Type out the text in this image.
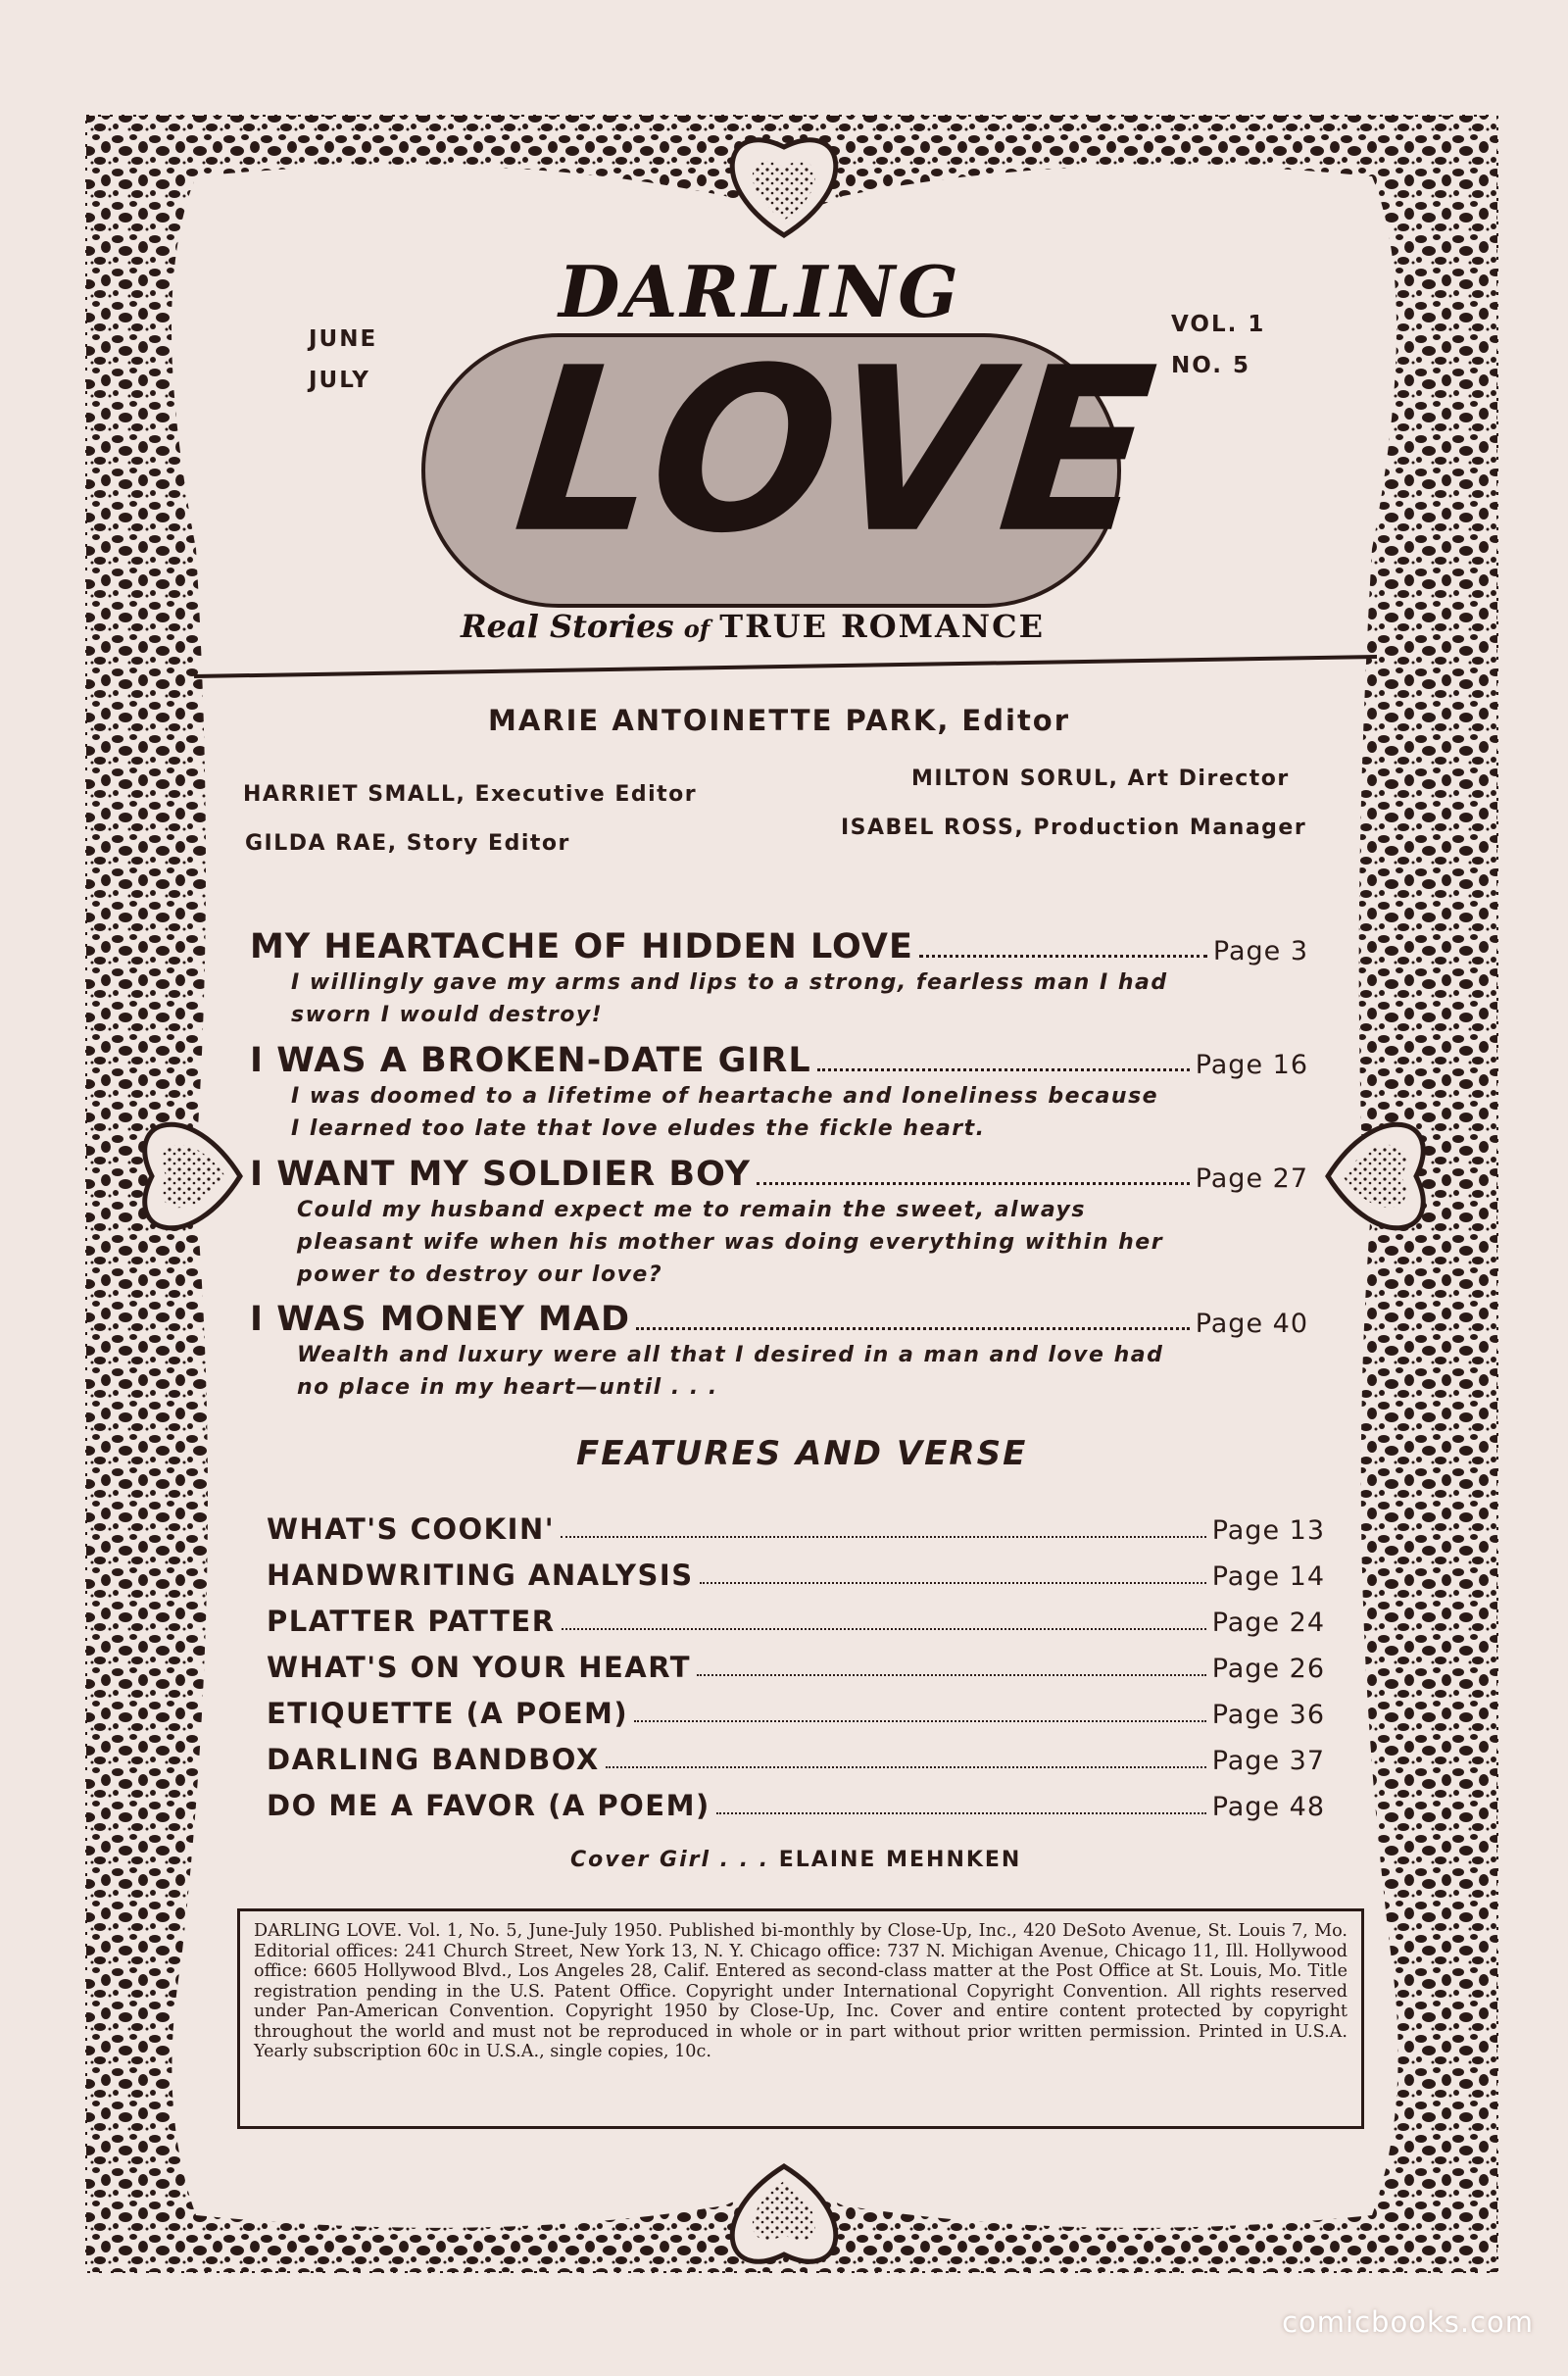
JUNE
JULY
VOL. 1
NO. 5
DARLING
LOVE
Real Stories of TRUE ROMANCE
MARIE ANTOINETTE PARK, Editor
HARRIET SMALL, Executive Editor
GILDA RAE, Story Editor
MILTON SORUL, Art Director
ISABEL ROSS, Production Manager
MY HEARTACHE OF HIDDEN LOVE	Page 3
I willingly gave my arms and lips to a strong, fearless man I had sworn I would destroy!
I WAS A BROKEN-DATE GIRL	Page 16
I was doomed to a lifetime of heartache and loneliness because I learned too late that love eludes the fickle heart.
I WANT MY SOLDIER BOY	Page 27
Could my husband expect me to remain the sweet, always pleasant wife when his mother was doing everything within her power to destroy our love?
I WAS MONEY MAD	Page 40
Wealth and luxury were all that I desired in a man and love had no place in my heart—until . . .
FEATURES AND VERSE
WHAT'S COOKIN'	Page 13
HANDWRITING ANALYSIS	Page 14
PLATTER PATTER	Page 24
WHAT'S ON YOUR HEART	Page 26
ETIQUETTE (A POEM)	Page 36
DARLING BANDBOX	Page 37
DO ME A FAVOR (A POEM)	Page 48
Cover Girl . . . ELAINE MEHNKEN
DARLING LOVE. Vol. 1, No. 5, June-July 1950. Published bi-monthly by Close-Up, Inc., 420 DeSoto Avenue, St. Louis 7, Mo. Editorial offices: 241 Church Street, New York 13, N. Y. Chicago office: 737 N. Michigan Avenue, Chicago 11, Ill. Hollywood office: 6605 Hollywood Blvd., Los Angeles 28, Calif. Entered as second-class matter at the Post Office at St. Louis, Mo. Title registration pending in the U.S. Patent Office. Copyright under International Copyright Convention. All rights reserved under Pan-American Convention. Copyright 1950 by Close-Up, Inc. Cover and entire content protected by copyright throughout the world and must not be reproduced in whole or in part without prior written permission. Printed in U.S.A. Yearly subscription 60c in U.S.A., single copies, 10c.
comicbooks.com
